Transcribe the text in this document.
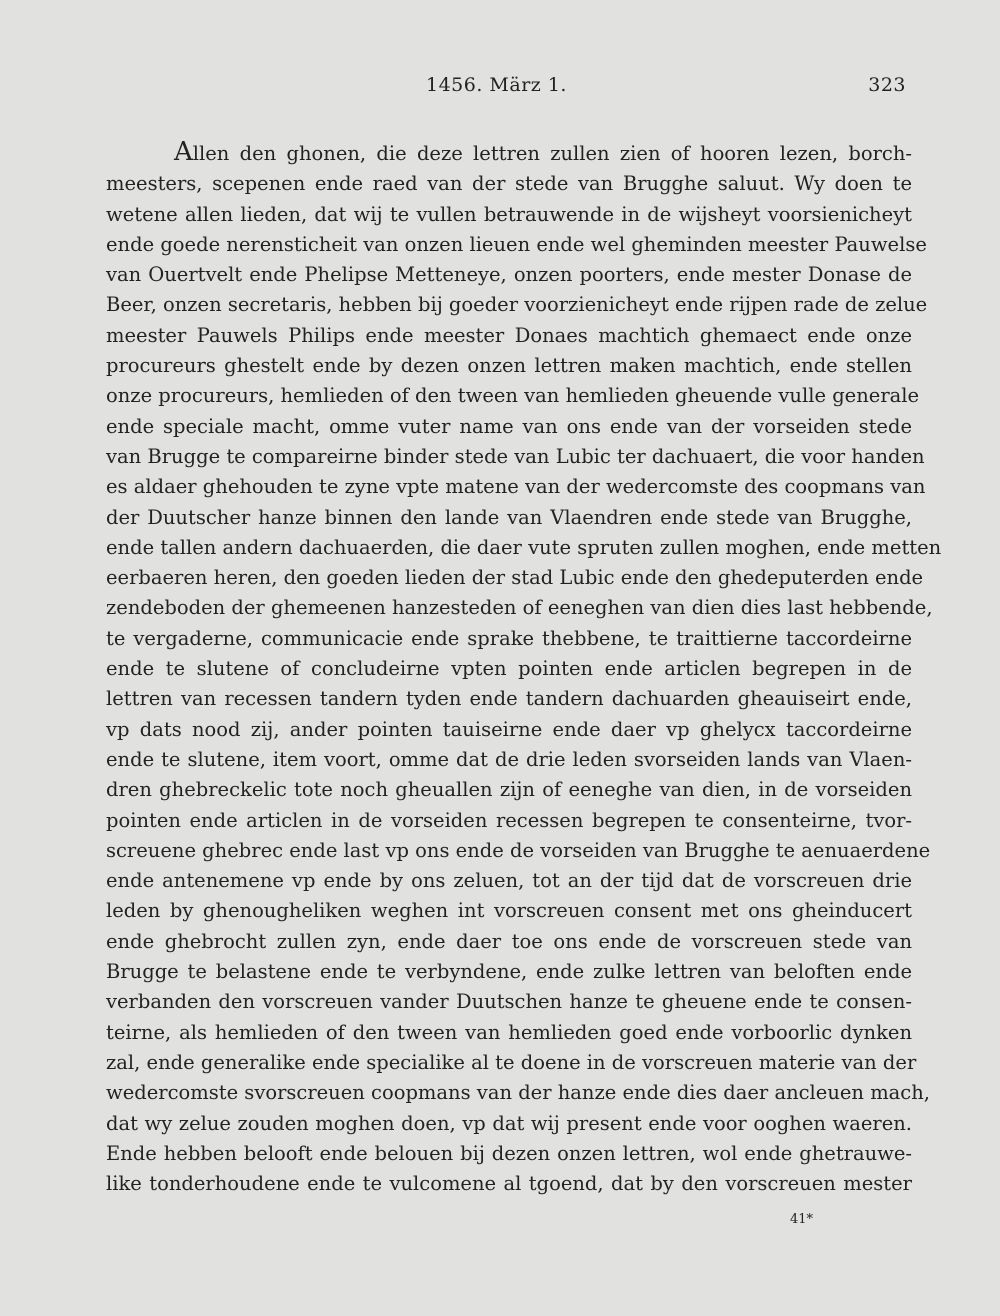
1456. März 1.	323
Allen den ghonen, die deze lettren zullen zien of hooren lezen, borch-
meesters, scepenen ende raed van der stede van Brugghe saluut. Wy doen te
wetene allen lieden, dat wij te vullen betrauwende in de wijsheyt voorsienicheyt
ende goede nerensticheit van onzen lieuen ende wel gheminden meester Pauwelse
van Ouertvelt ende Phelipse Metteneye, onzen poorters, ende mester Donase de
Beer, onzen secretaris, hebben bij goeder voorzienicheyt ende rijpen rade de zelue
meester Pauwels Philips ende meester Donaes machtich ghemaect ende onze
procureurs ghestelt ende by dezen onzen lettren maken machtich, ende stellen
onze procureurs, hemlieden of den tween van hemlieden gheuende vulle generale
ende speciale macht, omme vuter name van ons ende van der vorseiden stede
van Brugge te compareirne binder stede van Lubic ter dachuaert, die voor handen
es aldaer ghehouden te zyne vpte matene van der wedercomste des coopmans van
der Duutscher hanze binnen den lande van Vlaendren ende stede van Brugghe,
ende tallen andern dachuaerden, die daer vute spruten zullen moghen, ende metten
eerbaeren heren, den goeden lieden der stad Lubic ende den ghedeputerden ende
zendeboden der ghemeenen hanzesteden of eeneghen van dien dies last hebbende,
te vergaderne, communicacie ende sprake thebbene, te traittierne taccordeirne
ende te slutene of concludeirne vpten pointen ende articlen begrepen in de
lettren van recessen tandern tyden ende tandern dachuarden gheauiseirt ende,
vp dats nood zij, ander pointen tauiseirne ende daer vp ghelycx taccordeirne
ende te slutene, item voort, omme dat de drie leden svorseiden lands van Vlaen-
dren ghebreckelic tote noch gheuallen zijn of eeneghe van dien, in de vorseiden
pointen ende articlen in de vorseiden recessen begrepen te consenteirne, tvor-
screuene ghebrec ende last vp ons ende de vorseiden van Brugghe te aenuaerdene
ende antenemene vp ende by ons zeluen, tot an der tijd dat de vorscreuen drie
leden by ghenougheliken weghen int vorscreuen consent met ons gheinducert
ende ghebrocht zullen zyn, ende daer toe ons ende de vorscreuen stede van
Brugge te belastene ende te verbyndene, ende zulke lettren van beloften ende
verbanden den vorscreuen vander Duutschen hanze te gheuene ende te consen-
teirne, als hemlieden of den tween van hemlieden goed ende vorboorlic dynken
zal, ende generalike ende specialike al te doene in de vorscreuen materie van der
wedercomste svorscreuen coopmans van der hanze ende dies daer ancleuen mach,
dat wy zelue zouden moghen doen, vp dat wij present ende voor ooghen waeren.
Ende hebben belooft ende belouen bij dezen onzen lettren, wol ende ghetrauwe-
like tonderhoudene ende te vulcomene al tgoend, dat by den vorscreuen mester
41*
